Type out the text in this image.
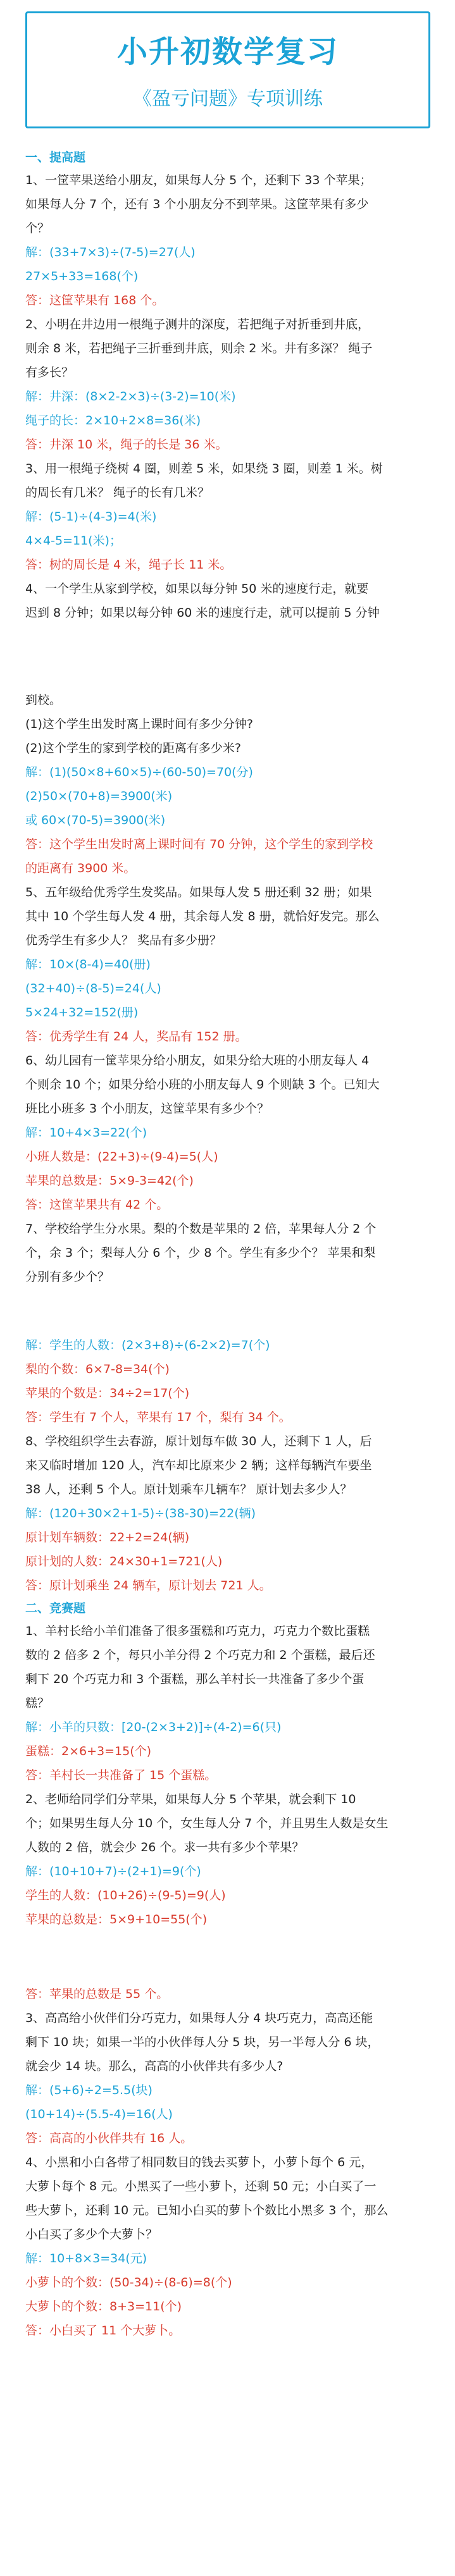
小升初数学复习
《盈亏问题》专项训练
一、提高题

1、一筐苹果送给小朋友，如果每人分 5 个，还剩下 33 个苹果；

如果每人分 7 个，还有 3 个小朋友分不到苹果。这筐苹果有多少

个？

解：(33+7×3)÷(7-5)=27(人)

27×5+33=168(个)

答：这筐苹果有 168 个。

2、小明在井边用一根绳子测井的深度，若把绳子对折垂到井底，

则余 8 米，若把绳子三折垂到井底，则余 2 米。井有多深？ 绳子

有多长？

解：井深：(8×2-2×3)÷(3-2)=10(米)

绳子的长：2×10+2×8=36(米)

答：井深 10 米，绳子的长是 36 米。

3、用一根绳子绕树 4 圈，则差 5 米，如果绕 3 圈，则差 1 米。树

的周长有几米？ 绳子的长有几米？

解：(5-1)÷(4-3)=4(米)

4×4-5=11(米)；

答：树的周长是 4 米，绳子长 11 米。

4、一个学生从家到学校，如果以每分钟 50 米的速度行走，就要

迟到 8 分钟；如果以每分钟 60 米的速度行走，就可以提前 5 分钟

到校。

(1)这个学生出发时离上课时间有多少分钟?

(2)这个学生的家到学校的距离有多少米?

解：(1)(50×8+60×5)÷(60-50)=70(分)

(2)50×(70+8)=3900(米)

或 60×(70-5)=3900(米)

答：这个学生出发时离上课时间有 70 分钟，这个学生的家到学校

的距离有 3900 米。

5、五年级给优秀学生发奖品。如果每人发 5 册还剩 32 册；如果

其中 10 个学生每人发 4 册，其余每人发 8 册，就恰好发完。那么

优秀学生有多少人？ 奖品有多少册？

解：10×(8-4)=40(册)

(32+40)÷(8-5)=24(人)

5×24+32=152(册)

答：优秀学生有 24 人，奖品有 152 册。

6、幼儿园有一筐苹果分给小朋友，如果分给大班的小朋友每人 4

个则余 10 个；如果分给小班的小朋友每人 9 个则缺 3 个。已知大

班比小班多 3 个小朋友，这筐苹果有多少个？

解：10+4×3=22(个)

小班人数是：(22+3)÷(9-4)=5(人)

苹果的总数是：5×9-3=42(个)

答：这筐苹果共有 42 个。

7、学校给学生分水果。梨的个数是苹果的 2 倍，苹果每人分 2 个

个，余 3 个；梨每人分 6 个，少 8 个。学生有多少个？ 苹果和梨

分别有多少个？

解：学生的人数：(2×3+8)÷(6-2×2)=7(个)

梨的个数：6×7-8=34(个)

苹果的个数是：34÷2=17(个)

答：学生有 7 个人，苹果有 17 个，梨有 34 个。

8、学校组织学生去春游，原计划每车做 30 人，还剩下 1 人，后

来又临时增加 120 人，汽车却比原来少 2 辆；这样每辆汽车要坐

38 人，还剩 5 个人。原计划乘车几辆车？ 原计划去多少人？

解：(120+30×2+1-5)÷(38-30)=22(辆)

原计划车辆数：22+2=24(辆)

原计划的人数：24×30+1=721(人)

答：原计划乘坐 24 辆车，原计划去 721 人。

二、竞赛题

1、羊村长给小羊们准备了很多蛋糕和巧克力，巧克力个数比蛋糕

数的 2 倍多 2 个，每只小羊分得 2 个巧克力和 2 个蛋糕，最后还

剩下 20 个巧克力和 3 个蛋糕，那么羊村长一共准备了多少个蛋

糕？

解：小羊的只数：[20-(2×3+2)]÷(4-2)=6(只)

蛋糕：2×6+3=15(个)

答：羊村长一共准备了 15 个蛋糕。

2、老师给同学们分苹果，如果每人分 5 个苹果，就会剩下 10

个；如果男生每人分 10 个，女生每人分 7 个，并且男生人数是女生

人数的 2 倍，就会少 26 个。求一共有多少个苹果？

解：(10+10+7)÷(2+1)=9(个)

学生的人数：(10+26)÷(9-5)=9(人)

苹果的总数是：5×9+10=55(个)

答：苹果的总数是 55 个。

3、高高给小伙伴们分巧克力，如果每人分 4 块巧克力，高高还能

剩下 10 块；如果一半的小伙伴每人分 5 块，另一半每人分 6 块，

就会少 14 块。那么，高高的小伙伴共有多少人?

解：(5+6)÷2=5.5(块)

(10+14)÷(5.5-4)=16(人)

答：高高的小伙伴共有 16 人。

4、小黑和小白各带了相同数目的钱去买萝卜，小萝卜每个 6 元，

大萝卜每个 8 元。小黑买了一些小萝卜，还剩 50 元；小白买了一

些大萝卜，还剩 10 元。已知小白买的萝卜个数比小黑多 3 个，那么

小白买了多少个大萝卜？

解：10+8×3=34(元)

小萝卜的个数：(50-34)÷(8-6)=8(个)

大萝卜的个数：8+3=11(个)

答：小白买了 11 个大萝卜。
